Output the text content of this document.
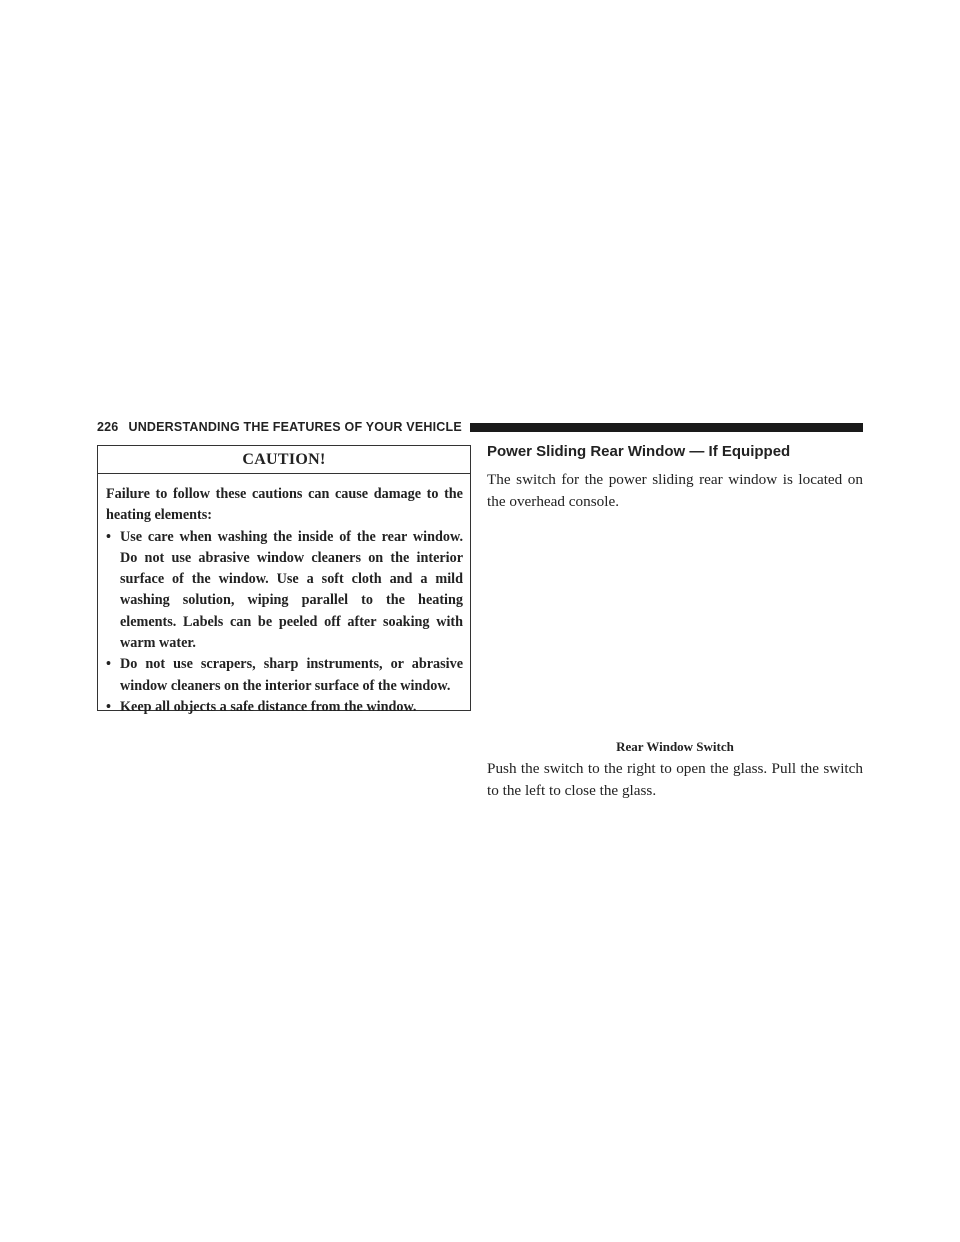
226 UNDERSTANDING THE FEATURES OF YOUR VEHICLE
CAUTION!

Failure to follow these cautions can cause damage to the heating elements:

• Use care when washing the inside of the rear window. Do not use abrasive window cleaners on the interior surface of the window. Use a soft cloth and a mild washing solution, wiping parallel to the heating elements. Labels can be peeled off after soaking with warm water.
• Do not use scrapers, sharp instruments, or abrasive window cleaners on the interior surface of the window.
• Keep all objects a safe distance from the window.
Power Sliding Rear Window — If Equipped

The switch for the power sliding rear window is located on the overhead console.

Rear Window Switch

Push the switch to the right to open the glass. Pull the switch to the left to close the glass.
